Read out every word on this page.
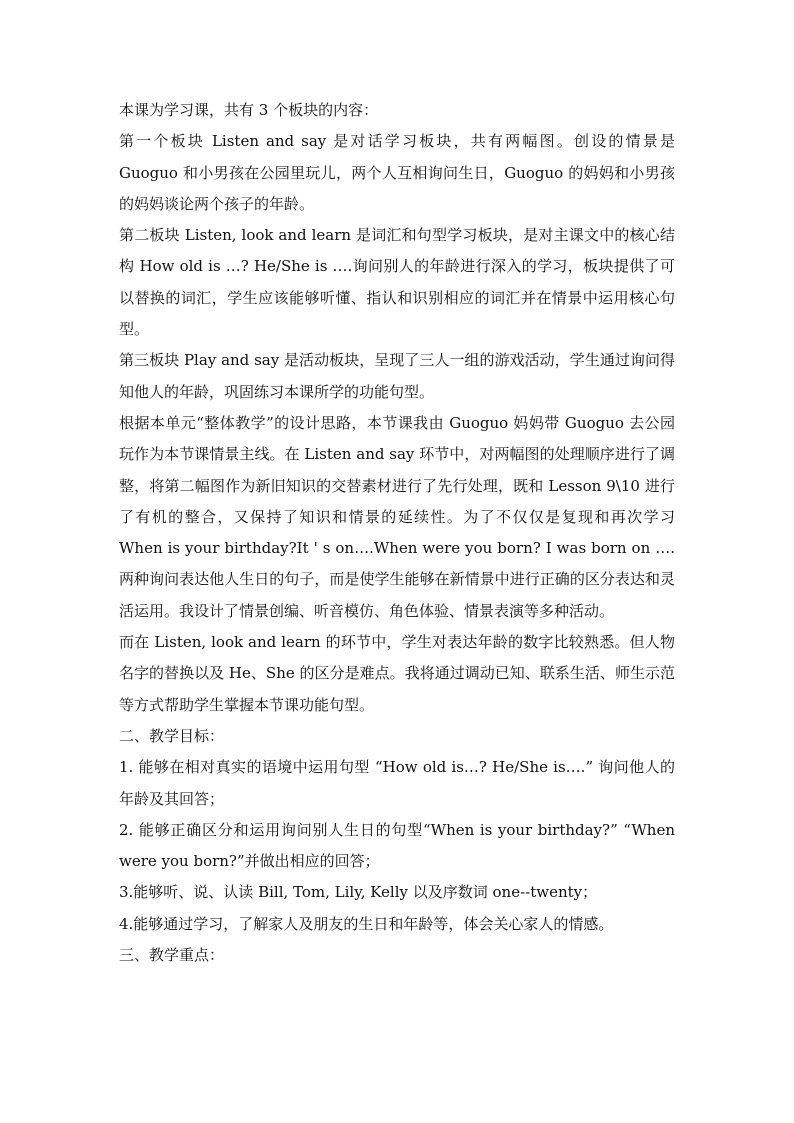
本课为学习课，共有 3 个板块的内容：

第一个板块 Listen and say 是对话学习板块，共有两幅图。创设的情景是 Guoguo 和小男孩在公园里玩儿，两个人互相询问生日，Guoguo 的妈妈和小男孩的妈妈谈论两个孩子的年龄。

第二板块 Listen, look and learn 是词汇和句型学习板块，是对主课文中的核心结构 How old is …? He/She is ….询问别人的年龄进行深入的学习，板块提供了可以替换的词汇，学生应该能够听懂、指认和识别相应的词汇并在情景中运用核心句型。

第三板块 Play and say 是活动板块，呈现了三人一组的游戏活动，学生通过询问得知他人的年龄，巩固练习本课所学的功能句型。

根据本单元“整体教学”的设计思路，本节课我由 Guoguo 妈妈带 Guoguo 去公园玩作为本节课情景主线。在 Listen and say 环节中，对两幅图的处理顺序进行了调整，将第二幅图作为新旧知识的交替素材进行了先行处理，既和 Lesson 9\10 进行了有机的整合，又保持了知识和情景的延续性。为了不仅仅是复现和再次学习 When is your birthday?It ' s on….When were you born? I was born on ….两种询问表达他人生日的句子，而是使学生能够在新情景中进行正确的区分表达和灵活运用。我设计了情景创编、听音模仿、角色体验、情景表演等多种活动。

而在 Listen, look and learn 的环节中，学生对表达年龄的数字比较熟悉。但人物名字的替换以及 He、She 的区分是难点。我将通过调动已知、联系生活、师生示范等方式帮助学生掌握本节课功能句型。

二、教学目标：

1. 能够在相对真实的语境中运用句型 “How old is…? He/She is….” 询问他人的年龄及其回答；

2. 能够正确区分和运用询问别人生日的句型“When is your birthday?” “When were you born?”并做出相应的回答；

3.能够听、说、认读 Bill, Tom, Lily, Kelly 以及序数词 one--twenty；

4.能够通过学习，了解家人及朋友的生日和年龄等，体会关心家人的情感。

三、教学重点：
